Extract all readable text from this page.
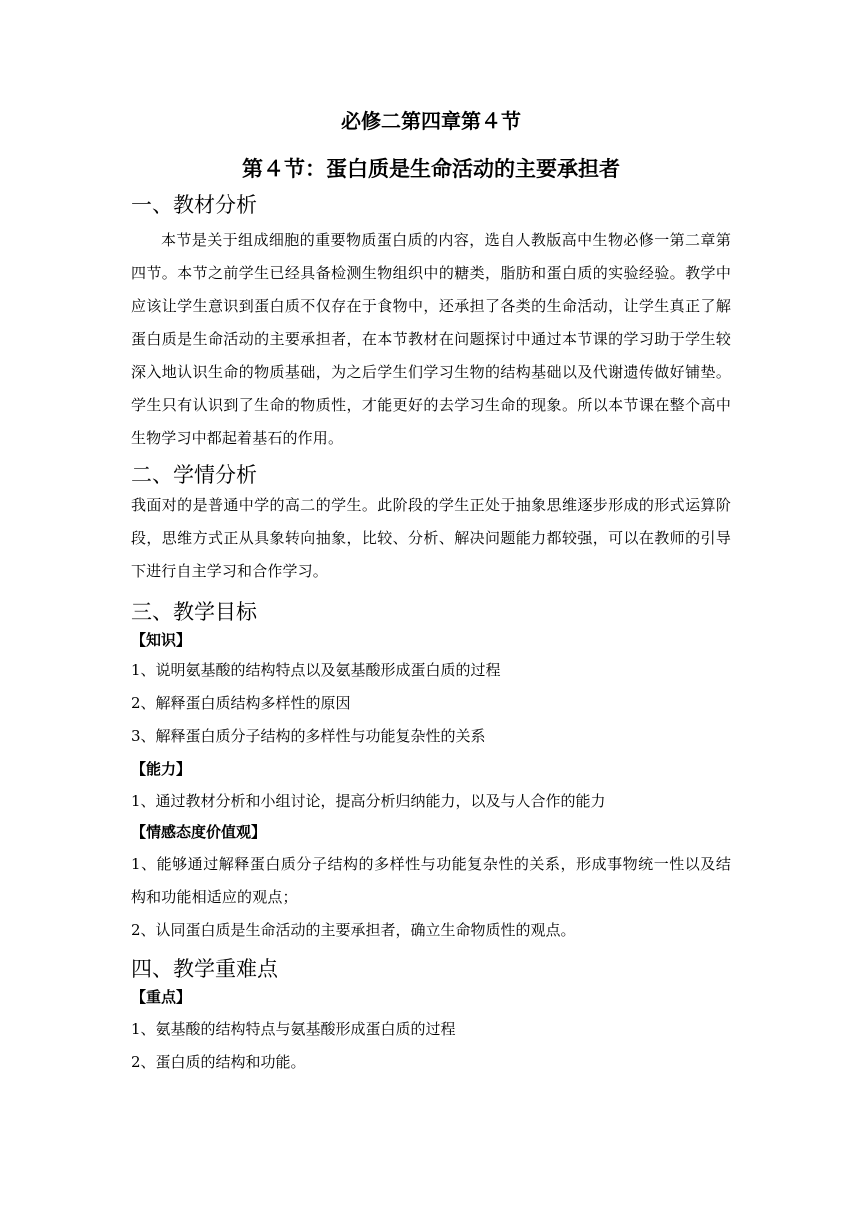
必修二第四章第４节
第４节：蛋白质是生命活动的主要承担者
一、教材分析

本节是关于组成细胞的重要物质蛋白质的内容，选自人教版高中生物必修一第二章第四节。本节之前学生已经具备检测生物组织中的糖类，脂肪和蛋白质的实验经验。教学中应该让学生意识到蛋白质不仅存在于食物中，还承担了各类的生命活动，让学生真正了解蛋白质是生命活动的主要承担者，在本节教材在问题探讨中通过本节课的学习助于学生较深入地认识生命的物质基础，为之后学生们学习生物的结构基础以及代谢遗传做好铺垫。学生只有认识到了生命的物质性，才能更好的去学习生命的现象。所以本节课在整个高中生物学习中都起着基石的作用。

二、学情分析

我面对的是普通中学的高二的学生。此阶段的学生正处于抽象思维逐步形成的形式运算阶段，思维方式正从具象转向抽象，比较、分析、解决问题能力都较强，可以在教师的引导下进行自主学习和合作学习。

三、教学目标

【知识】

1、说明氨基酸的结构特点以及氨基酸形成蛋白质的过程

2、解释蛋白质结构多样性的原因

3、解释蛋白质分子结构的多样性与功能复杂性的关系

【能力】

1、通过教材分析和小组讨论，提高分析归纳能力，以及与人合作的能力

【情感态度价值观】

1、能够通过解释蛋白质分子结构的多样性与功能复杂性的关系，形成事物统一性以及结构和功能相适应的观点；

2、认同蛋白质是生命活动的主要承担者，确立生命物质性的观点。

四、教学重难点

【重点】

1、氨基酸的结构特点与氨基酸形成蛋白质的过程

2、蛋白质的结构和功能。
